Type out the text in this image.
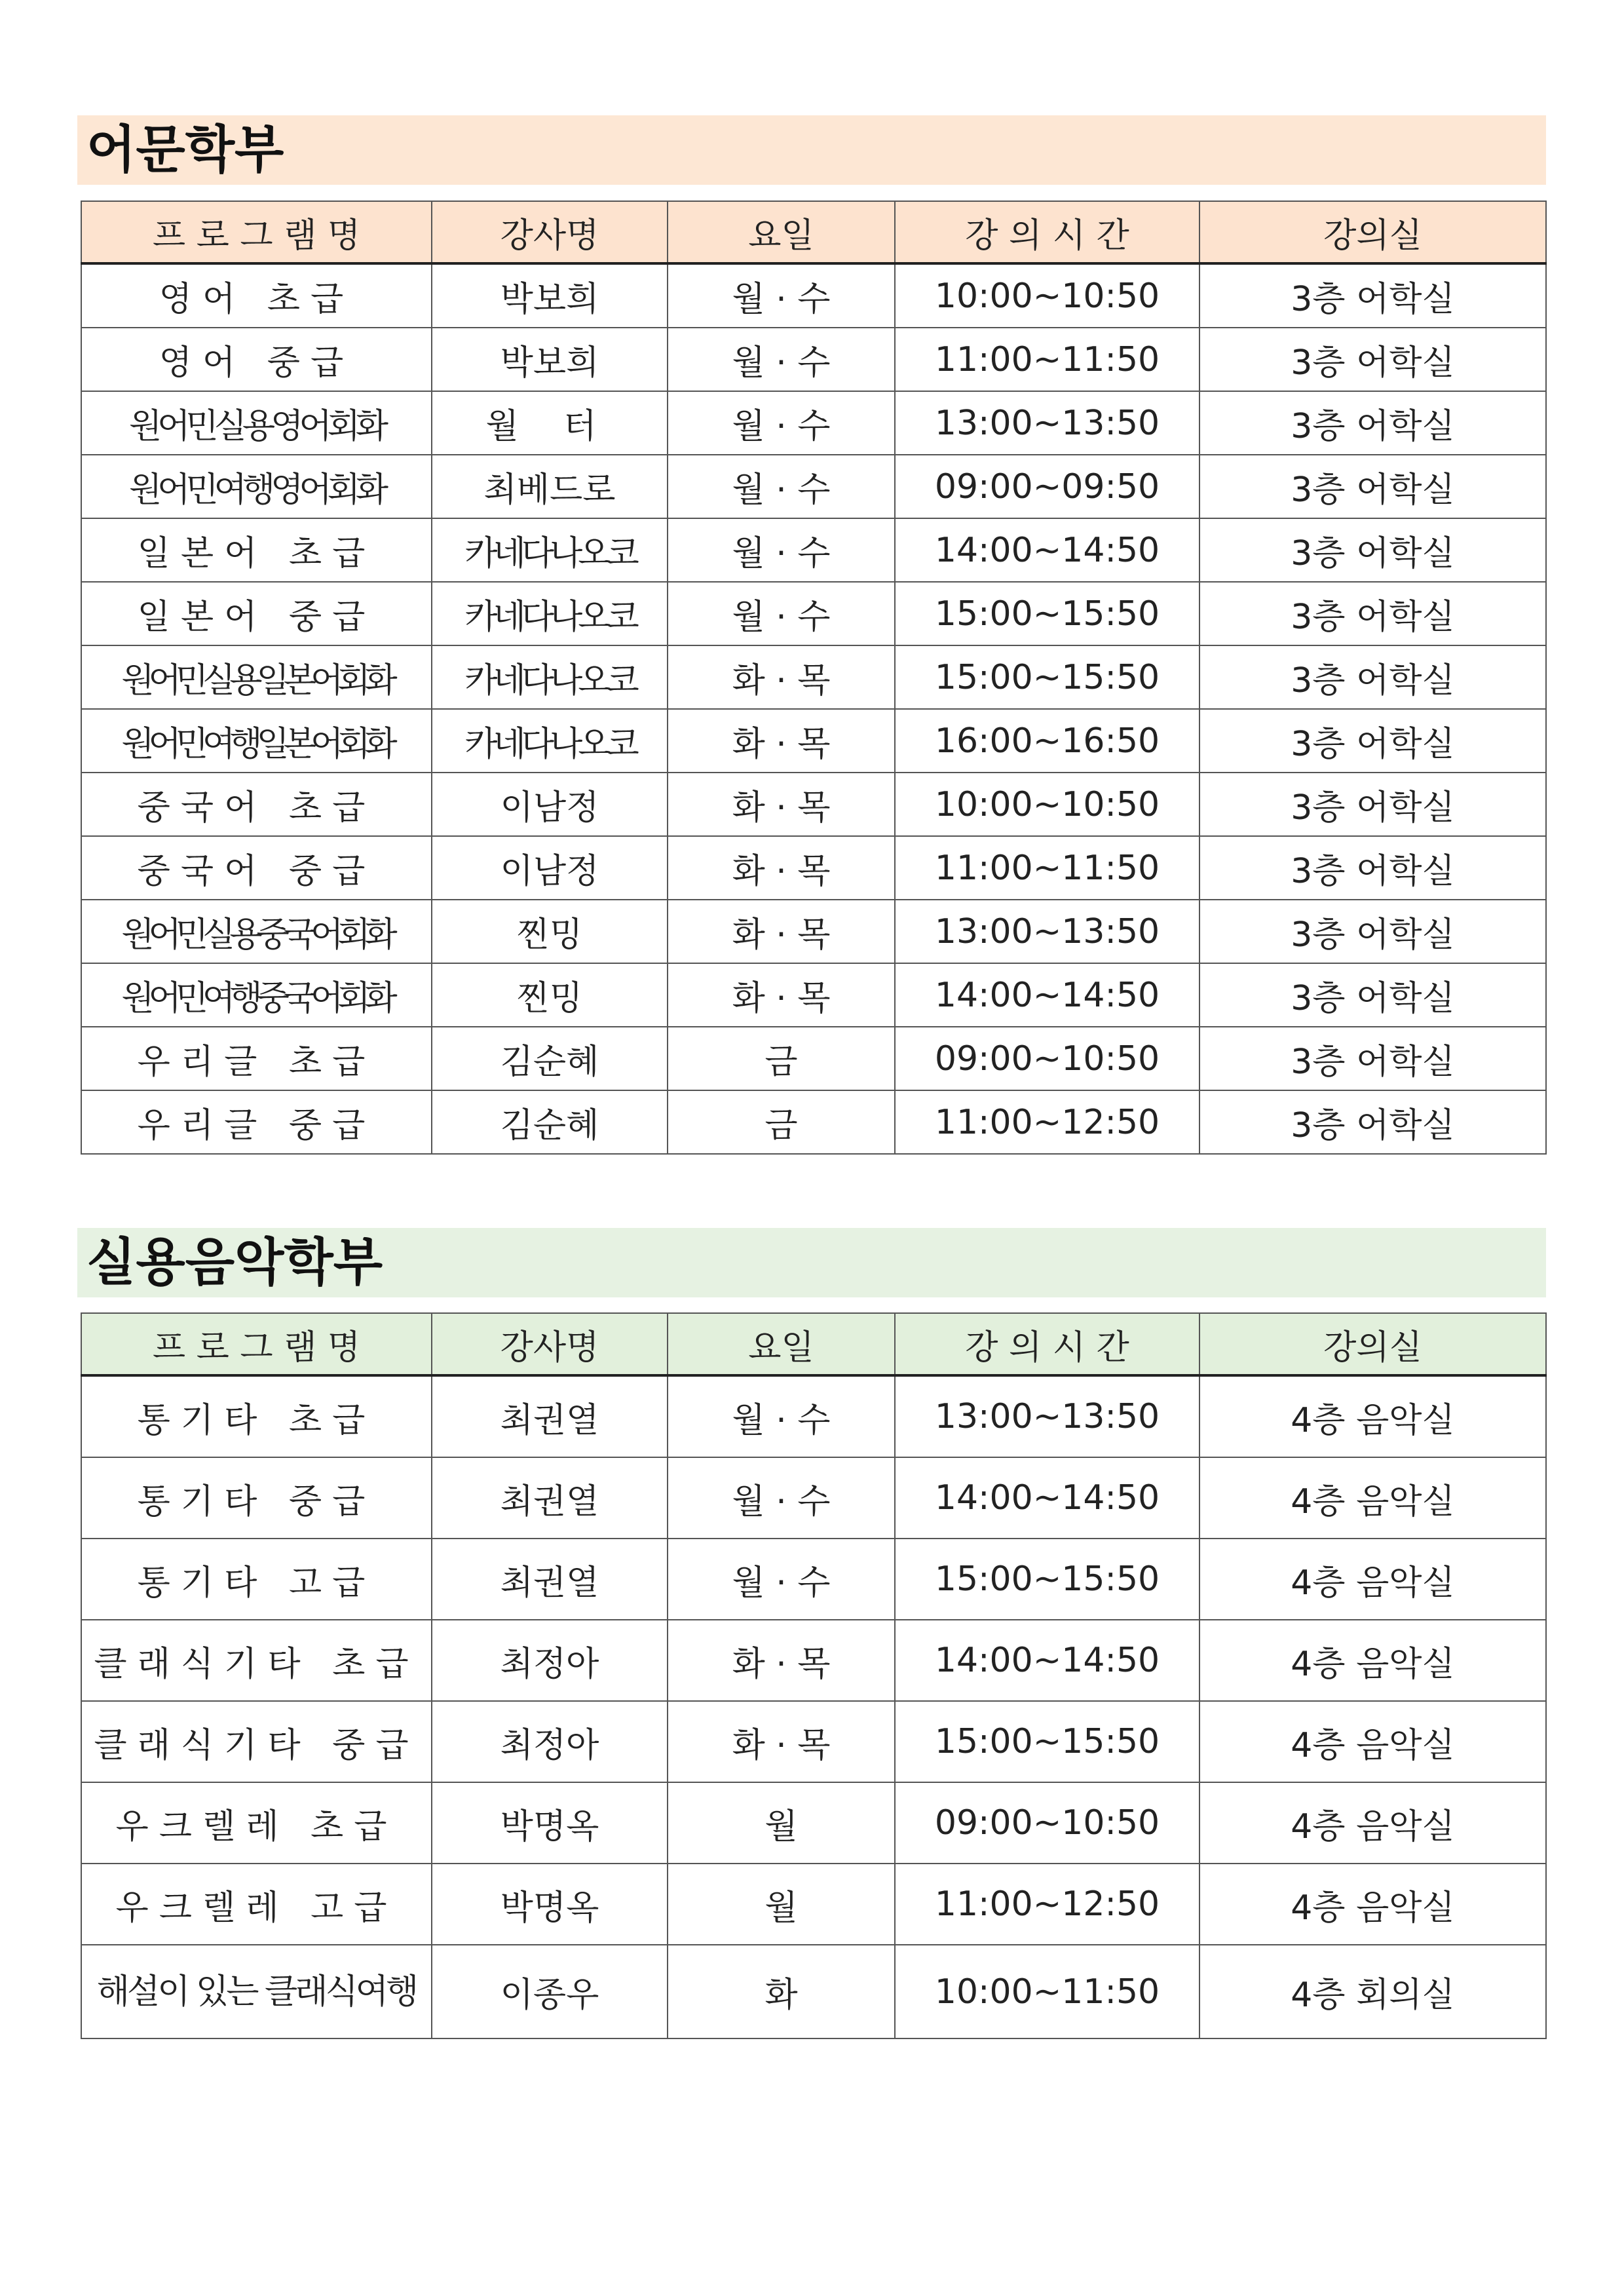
어문학부
프 로 그 램 명	강사명	요일	강 의 시 간	강의실
영어 초급	박보희	월 · 수	10:00~10:50	3층 어학실
영어 중급	박보희	월 · 수	11:00~11:50	3층 어학실
원어민실용영어회화	월 터	월 · 수	13:00~13:50	3층 어학실
원어민여행영어회화	최베드로	월 · 수	09:00~09:50	3층 어학실
일본어 초급	카네다나오코	월 · 수	14:00~14:50	3층 어학실
일본어 중급	카네다나오코	월 · 수	15:00~15:50	3층 어학실
원어민실용일본어회화	카네다나오코	화 · 목	15:00~15:50	3층 어학실
원어민여행일본어회화	카네다나오코	화 · 목	16:00~16:50	3층 어학실
중국어 초급	이남정	화 · 목	10:00~10:50	3층 어학실
중국어 중급	이남정	화 · 목	11:00~11:50	3층 어학실
원어민실용중국어회화	찐밍	화 · 목	13:00~13:50	3층 어학실
원어민여행중국어회화	찐밍	화 · 목	14:00~14:50	3층 어학실
우리글 초급	김순혜	금	09:00~10:50	3층 어학실
우리글 중급	김순혜	금	11:00~12:50	3층 어학실
실용음악학부
프 로 그 램 명	강사명	요일	강 의 시 간	강의실
통기타 초급	최권열	월 · 수	13:00~13:50	4층 음악실
통기타 중급	최권열	월 · 수	14:00~14:50	4층 음악실
통기타 고급	최권열	월 · 수	15:00~15:50	4층 음악실
클래식기타 초급	최정아	화 · 목	14:00~14:50	4층 음악실
클래식기타 중급	최정아	화 · 목	15:00~15:50	4층 음악실
우크렐레 초급	박명옥	월	09:00~10:50	4층 음악실
우크렐레 고급	박명옥	월	11:00~12:50	4층 음악실
해설이 있는 클래식여행	이종우	화	10:00~11:50	4층 회의실
